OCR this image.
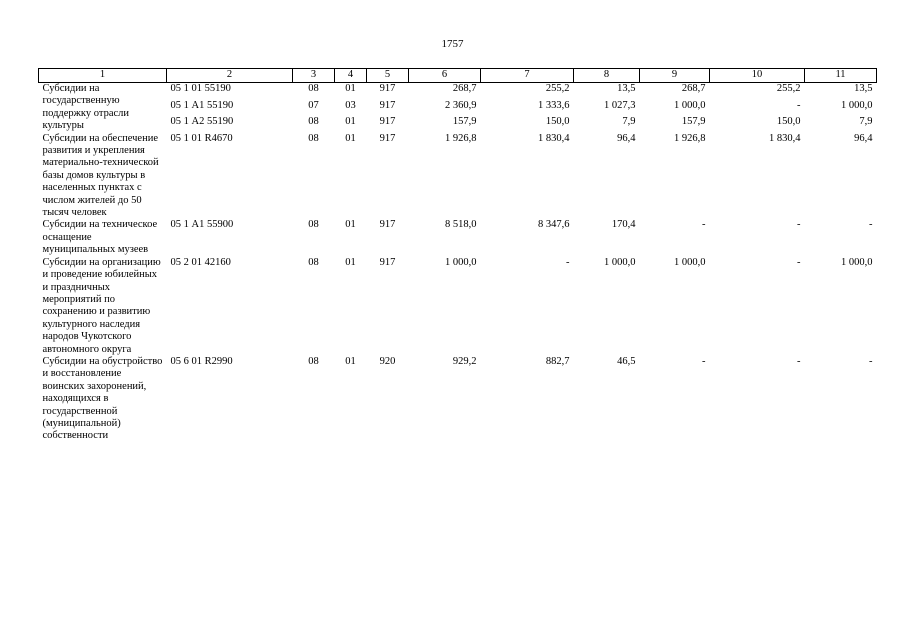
1757
1	2	3	4	5	6	7	8	9	10	11
Субсидии на государственную поддержку отрасли культуры	05 1 01 55190	08	01	917	268,7	255,2	13,5	268,7	255,2	13,5
	05 1 А1 55190	07	03	917	2 360,9	1 333,6	1 027,3	1 000,0	-	1 000,0
	05 1 А2 55190	08	01	917	157,9	150,0	7,9	157,9	150,0	7,9
Субсидии на обеспечение развития и укрепления материально-технической базы домов культуры в населенных пунктах с числом жителей до 50 тысяч человек	05 1 01 R4670	08	01	917	1 926,8	1 830,4	96,4	1 926,8	1 830,4	96,4
Субсидии на техническое оснащение муниципальных музеев	05 1 А1 55900	08	01	917	8 518,0	8 347,6	170,4	-	-	-
Субсидии на организацию и проведение юбилейных и праздничных мероприятий по сохранению и развитию культурного наследия народов Чукотского автономного округа	05 2 01 42160	08	01	917	1 000,0	-	1 000,0	1 000,0	-	1 000,0
Субсидии на обустройство и восстановление воинских захоронений, находящихся в государственной (муниципальной) собственности	05 6 01 R2990	08	01	920	929,2	882,7	46,5	-	-	-
